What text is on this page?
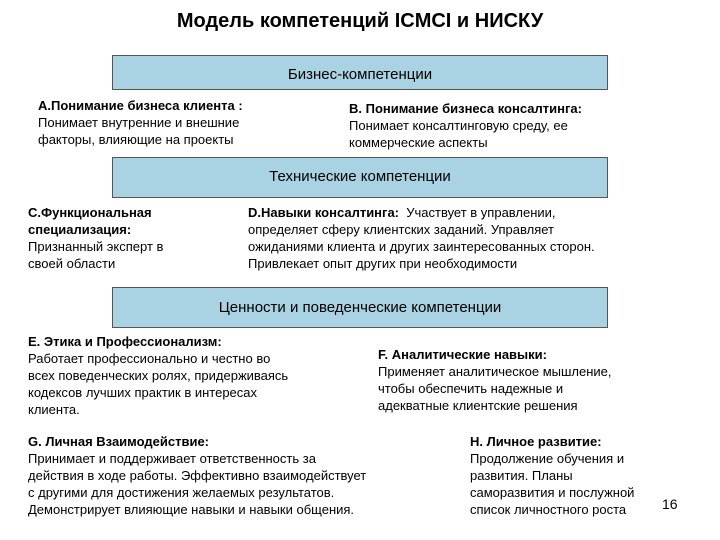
Модель компетенций ICMCI и НИСКУ
Бизнес-компетенции
А.Понимание бизнеса клиента :
Понимает внутренние и внешние
факторы, влияющие на проекты
В. Понимание бизнеса консалтинга:
Понимает консалтинговую среду, ее
коммерческие аспекты
Технические компетенции
С.Функциональная
специализация:
Признанный эксперт в
своей области
D.Навыки консалтинга:  Участвует в управлении,
определяет сферу клиентских заданий. Управляет
ожиданиями клиента и других заинтересованных сторон.
Привлекает опыт других при необходимости
Ценности и поведенческие компетенции
Е. Этика и Профессионализм:
Работает профессионально и честно во
всех поведенческих ролях, придерживаясь
кодексов лучших практик в интересах
клиента.
F. Аналитические навыки:
Применяет аналитическое мышление,
чтобы обеспечить надежные и
адекватные клиентские решения
G. Личная Взаимодействие:
Принимает и поддерживает ответственность за
действия в ходе работы. Эффективно взаимодействует
с другими для достижения желаемых результатов.
Демонстрирует влияющие навыки и навыки общения.
H. Личное развитие:
Продолжение обучения и
развития. Планы
саморазвития и послужной
список личностного роста	16
